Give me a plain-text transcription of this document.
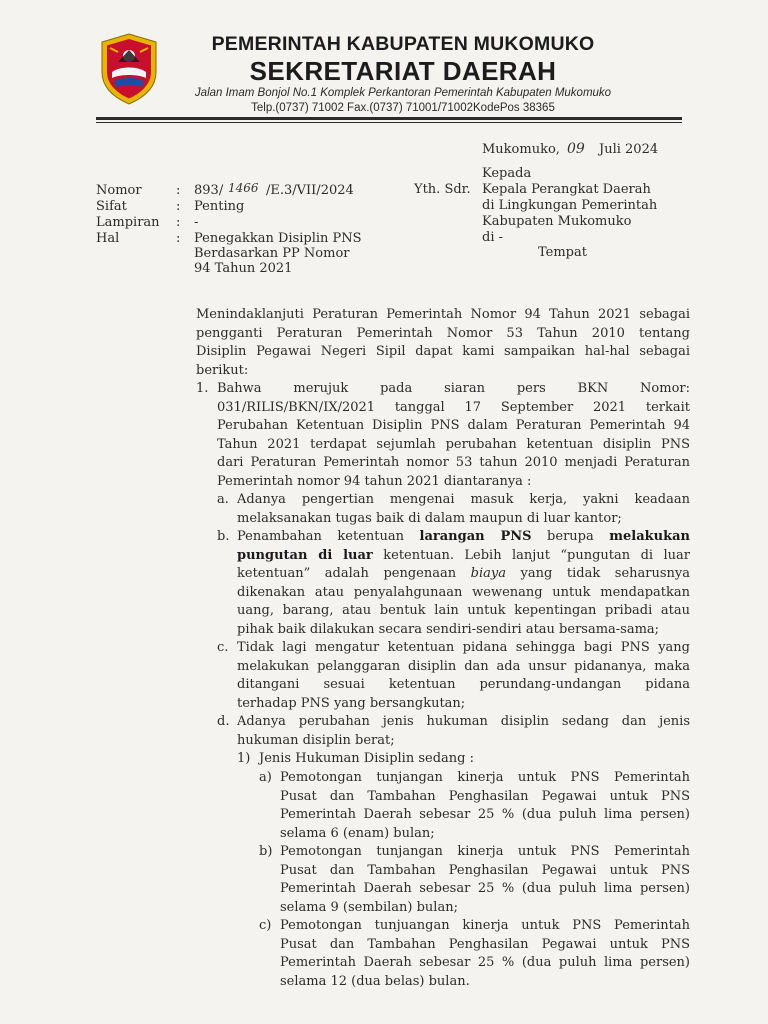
PEMERINTAH KABUPATEN MUKOMUKO
SEKRETARIAT DAERAH
Jalan Imam Bonjol No.1 Komplek Perkantoran Pemerintah Kabupaten Mukomuko
Telp.(0737) 71002 Fax.(0737) 71001/71002KodePos 38365
Mukomuko, 09 Juli 2024
Kepada
Yth. Sdr. Kepala Perangkat Daerah
di Lingkungan Pemerintah
Kabupaten Mukomuko
di -
Tempat
Nomor	: 893/ 1466 /E.3/VII/2024
Sifat	: Penting
Lampiran : -
Hal	: Penegakkan Disiplin PNS
Berdasarkan PP Nomor
94 Tahun 2021
Menindaklanjuti Peraturan Pemerintah Nomor 94 Tahun 2021 sebagai
pengganti Peraturan Pemerintah Nomor 53 Tahun 2010 tentang
Disiplin Pegawai Negeri Sipil dapat kami sampaikan hal-hal sebagai
berikut:
1. Bahwa merujuk pada siaran pers BKN Nomor:
031/RILIS/BKN/IX/2021 tanggal 17 September 2021 terkait
Perubahan Ketentuan Disiplin PNS dalam Peraturan Pemerintah 94
Tahun 2021 terdapat sejumlah perubahan ketentuan disiplin PNS
dari Peraturan Pemerintah nomor 53 tahun 2010 menjadi Peraturan
Pemerintah nomor 94 tahun 2021 diantaranya :
a. Adanya pengertian mengenai masuk kerja, yakni keadaan
melaksanakan tugas baik di dalam maupun di luar kantor;
b. Penambahan ketentuan larangan PNS berupa melakukan
pungutan di luar ketentuan. Lebih lanjut “pungutan di luar
ketentuan” adalah pengenaan biaya yang tidak seharusnya
dikenakan atau penyalahgunaan wewenang untuk mendapatkan
uang, barang, atau bentuk lain untuk kepentingan pribadi atau
pihak baik dilakukan secara sendiri-sendiri atau bersama-sama;
c. Tidak lagi mengatur ketentuan pidana sehingga bagi PNS yang
melakukan pelanggaran disiplin dan ada unsur pidananya, maka
ditangani sesuai ketentuan perundang-undangan pidana
terhadap PNS yang bersangkutan;
d. Adanya perubahan jenis hukuman disiplin sedang dan jenis
hukuman disiplin berat;
1) Jenis Hukuman Disiplin sedang :
a) Pemotongan tunjangan kinerja untuk PNS Pemerintah
Pusat dan Tambahan Penghasilan Pegawai untuk PNS
Pemerintah Daerah sebesar 25 % (dua puluh lima persen)
selama 6 (enam) bulan;
b) Pemotongan tunjangan kinerja untuk PNS Pemerintah
Pusat dan Tambahan Penghasilan Pegawai untuk PNS
Pemerintah Daerah sebesar 25 % (dua puluh lima persen)
selama 9 (sembilan) bulan;
c) Pemotongan tunjuangan kinerja untuk PNS Pemerintah
Pusat dan Tambahan Penghasilan Pegawai untuk PNS
Pemerintah Daerah sebesar 25 % (dua puluh lima persen)
selama 12 (dua belas) bulan.
